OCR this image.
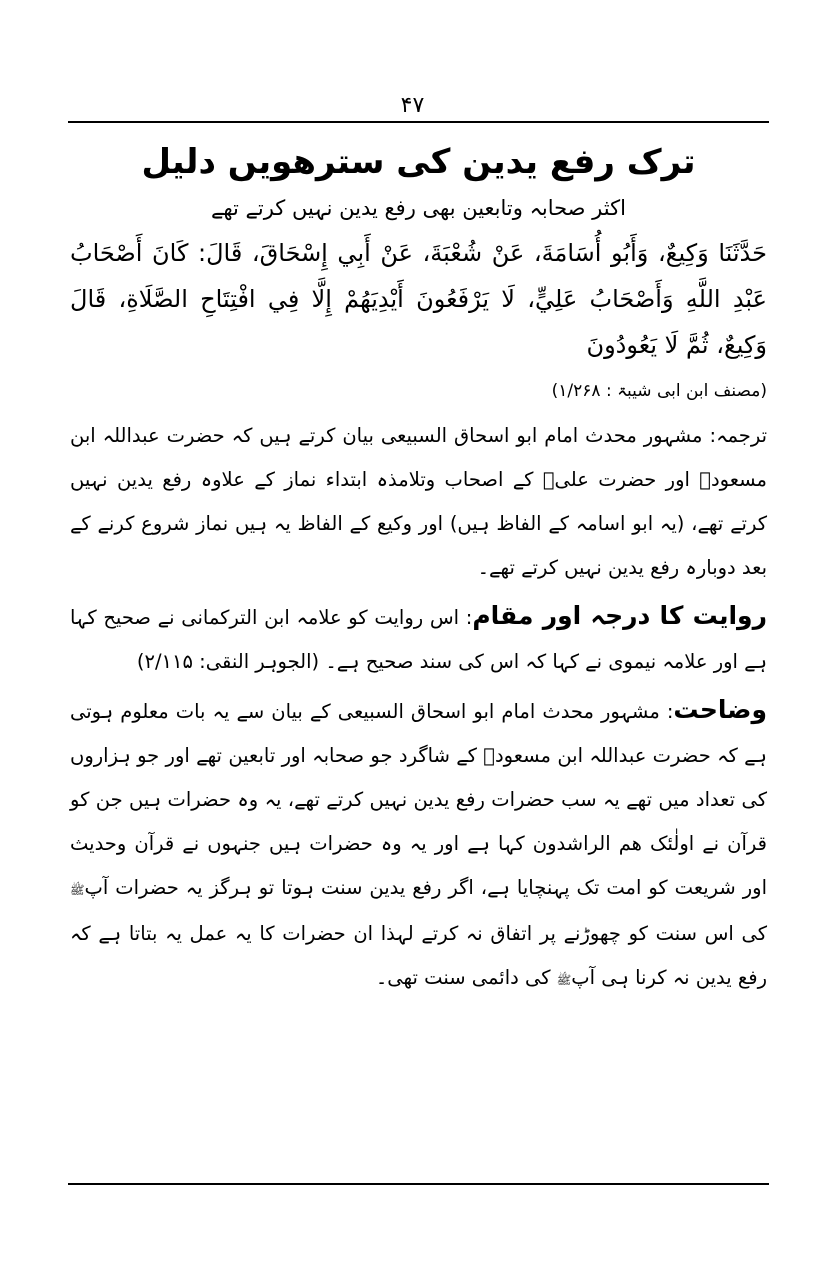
۴۷
ترک رفع یدین کی سترھویں دلیل
اکثر صحابہ وتابعین بھی رفع یدین نہیں کرتے تھے

حَدَّثَنَا وَكِيعٌ، وَأَبُو أُسَامَةَ، عَنْ شُعْبَةَ، عَنْ أَبِي إِسْحَاقَ، قَالَ: كَانَ أَصْحَابُ عَبْدِ اللَّهِ وَأَصْحَابُ عَلِيٍّ، لَا يَرْفَعُونَ أَيْدِيَهُمْ إِلَّا فِي افْتِتَاحِ الصَّلَاةِ، قَالَ وَكِيعٌ، ثُمَّ لَا يَعُودُونَ

(مصنف ابن ابی شیبۃ : ۱/۲۶۸)

ترجمہ: مشہور محدث امام ابو اسحاق السبیعی بیان کرتے ہیں کہ حضرت عبداللہ ابن مسعودؓ اور حضرت علیؓ کے اصحاب وتلامذہ ابتداء نماز کے علاوہ رفع یدین نہیں کرتے تھے، (یہ ابو اسامہ کے الفاظ ہیں) اور وکیع کے الفاظ یہ ہیں نماز شروع کرنے کے بعد دوبارہ رفع یدین نہیں کرتے تھے۔

روایت کا درجہ اور مقام: اس روایت کو علامہ ابن الترکمانی نے صحیح کہا ہے اور علامہ نیموی نے کہا کہ اس کی سند صحیح ہے۔ (الجوہر النقی: ۲/۱۱۵)

وضاحت: مشہور محدث امام ابو اسحاق السبیعی کے بیان سے یہ بات معلوم ہوتی ہے کہ حضرت عبداللہ ابن مسعودؓ کے شاگرد جو صحابہ اور تابعین تھے اور جو ہزاروں کی تعداد میں تھے یہ سب حضرات رفع یدین نہیں کرتے تھے، یہ وہ حضرات ہیں جن کو قرآن نے اولٰئک ھم الراشدون کہا ہے اور یہ وہ حضرات ہیں جنہوں نے قرآن وحدیث اور شریعت کو امت تک پہنچایا ہے، اگر رفع یدین سنت ہوتا تو ہرگز یہ حضرات آپﷺ کی اس سنت کو چھوڑنے پر اتفاق نہ کرتے لہذا ان حضرات کا یہ عمل یہ بتاتا ہے کہ رفع یدین نہ کرنا ہی آپﷺ کی دائمی سنت تھی۔
